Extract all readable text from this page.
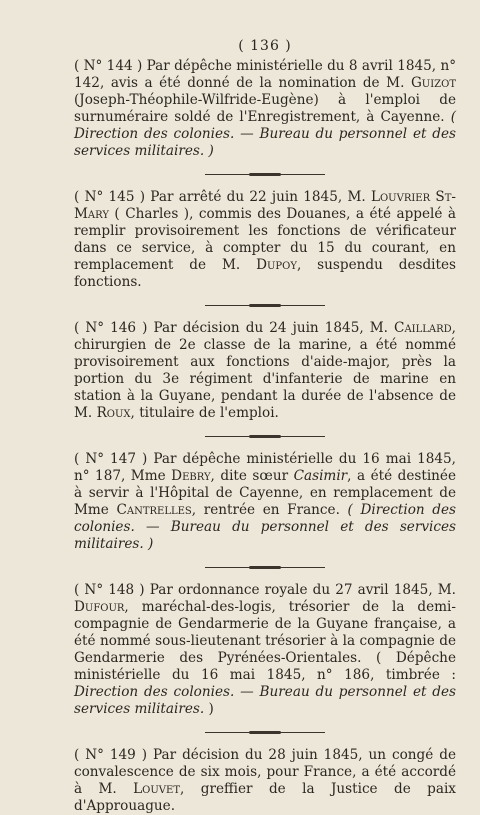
( 136 )

( N° 144 ) Par dépêche ministérielle du 8 avril 1845, n° 142, avis a été donné de la nomination de M. Guizot (Joseph-Théophile-Wilfride-Eugène) à l'emploi de surnuméraire soldé de l'Enregistrement, à Cayenne. ( Direction des colonies. — Bureau du personnel et des services militaires. )

( N° 145 ) Par arrêté du 22 juin 1845, M. Louvrier St-Mary ( Charles ), commis des Douanes, a été appelé à remplir provisoirement les fonctions de vérificateur dans ce service, à compter du 15 du courant, en remplacement de M. Dupoy, suspendu desdites fonctions.

( N° 146 ) Par décision du 24 juin 1845, M. Caillard, chirurgien de 2e classe de la marine, a été nommé provisoirement aux fonctions d'aide-major, près la portion du 3e régiment d'infanterie de marine en station à la Guyane, pendant la durée de l'absence de M. Roux, titulaire de l'emploi.

( N° 147 ) Par dépêche ministérielle du 16 mai 1845, n° 187, Mme Debry, dite sœur Casimir, a été destinée à servir à l'Hôpital de Cayenne, en remplacement de Mme Cantrelles, rentrée en France. ( Direction des colonies. — Bureau du personnel et des services militaires. )

( N° 148 ) Par ordonnance royale du 27 avril 1845, M. Dufour, maréchal-des-logis, trésorier de la demi-compagnie de Gendarmerie de la Guyane française, a été nommé sous-lieutenant trésorier à la compagnie de Gendarmerie des Pyrénées-Orientales. ( Dépêche ministérielle du 16 mai 1845, n° 186, timbrée : Direction des colonies. — Bureau du personnel et des services militaires. )

( N° 149 ) Par décision du 28 juin 1845, un congé de convalescence de six mois, pour France, a été accordé à M. Louvet, greffier de la Justice de paix d'Approuague.
